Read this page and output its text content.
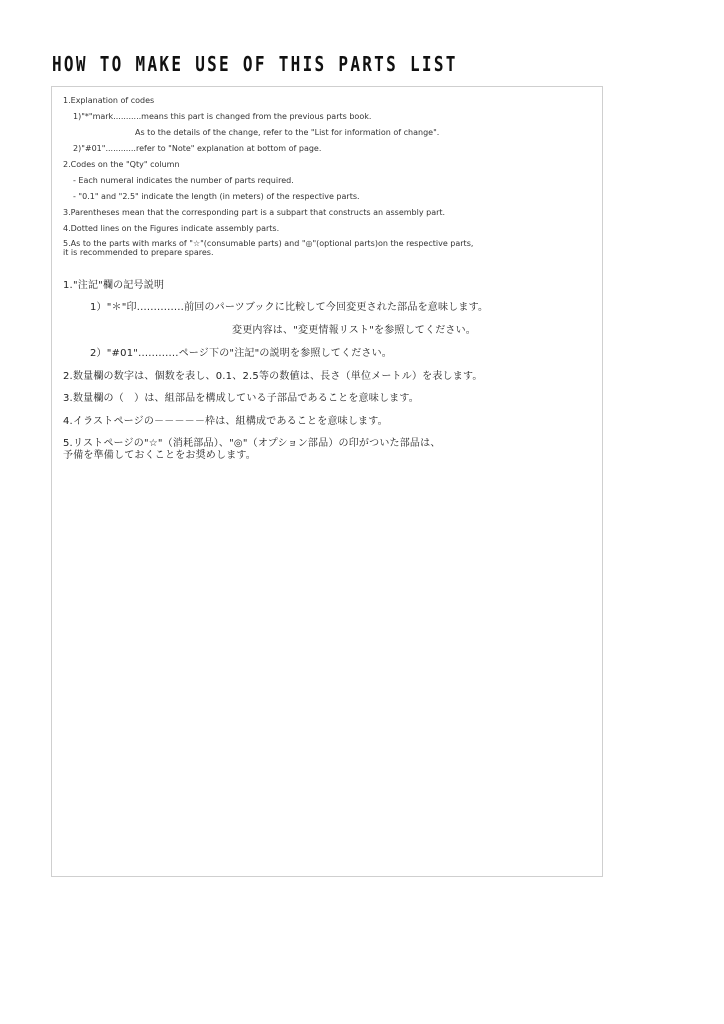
HOW TO MAKE USE OF THIS PARTS LIST
1.Explanation of codes
1)"*"mark...........means this part is changed from the previous parts book.
As to the details of the change, refer to the "List for information of change".
2)"#01"............refer to "Note" explanation at bottom of page.
2.Codes on the "Qty" column
- Each numeral indicates the number of parts required.
- "0.1" and "2.5" indicate the length (in meters) of the respective parts.
3.Parentheses mean that the corresponding part is a subpart that constructs an assembly part.
4.Dotted lines on the Figures indicate assembly parts.
5.As to the parts with marks of "☆"(consumable parts) and "◎"(optional parts)on the respective parts,
it is recommended to prepare spares.
1."注記"欄の記号説明
1）"＊"印..............前回のパーツブックに比較して今回変更された部品を意味します。
変更内容は、"変更情報リスト"を参照してください。
2）"#01"............ページ下の"注記"の説明を参照してください。
2.数量欄の数字は、個数を表し、0.1、2.5等の数値は、長さ（単位メートル）を表します。
3.数量欄の（　）は、組部品を構成している子部品であることを意味します。
4.イラストページの－－－－－枠は、組構成であることを意味します。
5.リストページの"☆"（消耗部品）、"◎"（オプション部品）の印がついた部品は、
予備を準備しておくことをお奨めします。
